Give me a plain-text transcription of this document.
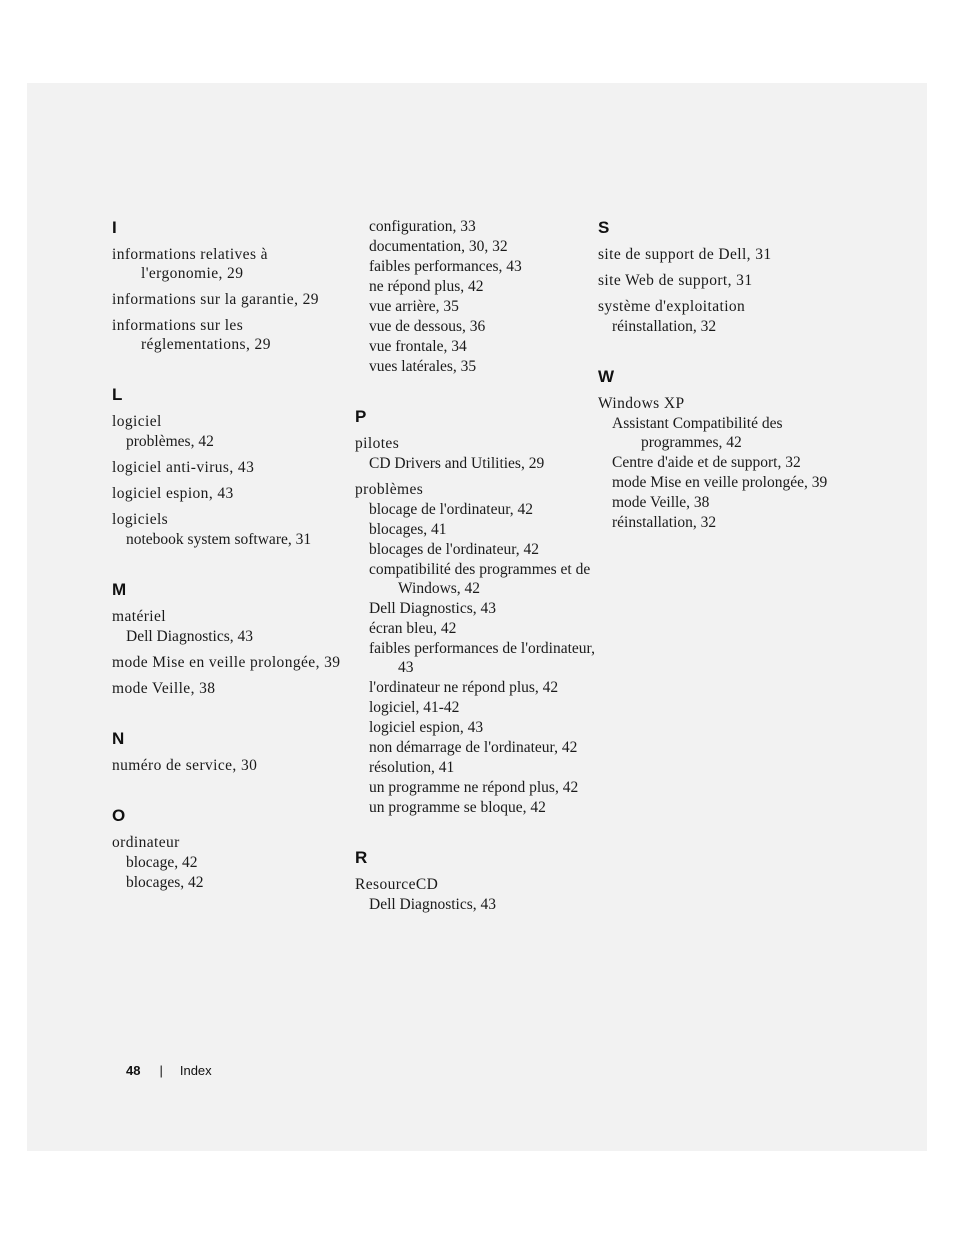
I
informations relatives à l'ergonomie, 29
informations sur la garantie, 29
informations sur les réglementations, 29
L
logiciel
problèmes, 42
logiciel anti-virus, 43
logiciel espion, 43
logiciels
notebook system software, 31
M
matériel
Dell Diagnostics, 43
mode Mise en veille prolongée, 39
mode Veille, 38
N
numéro de service, 30
O
ordinateur
blocage, 42
blocages, 42
configuration, 33
documentation, 30, 32
faibles performances, 43
ne répond plus, 42
vue arrière, 35
vue de dessous, 36
vue frontale, 34
vues latérales, 35
P
pilotes
CD Drivers and Utilities, 29
problèmes
blocage de l'ordinateur, 42
blocages, 41
blocages de l'ordinateur, 42
compatibilité des programmes et de Windows, 42
Dell Diagnostics, 43
écran bleu, 42
faibles performances de l'ordinateur, 43
l'ordinateur ne répond plus, 42
logiciel, 41-42
logiciel espion, 43
non démarrage de l'ordinateur, 42
résolution, 41
un programme ne répond plus, 42
un programme se bloque, 42
R
ResourceCD
Dell Diagnostics, 43
S
site de support de Dell, 31
site Web de support, 31
système d'exploitation
réinstallation, 32
W
Windows XP
Assistant Compatibilité des programmes, 42
Centre d'aide et de support, 32
mode Mise en veille prolongée, 39
mode Veille, 38
réinstallation, 32
48 | Index
